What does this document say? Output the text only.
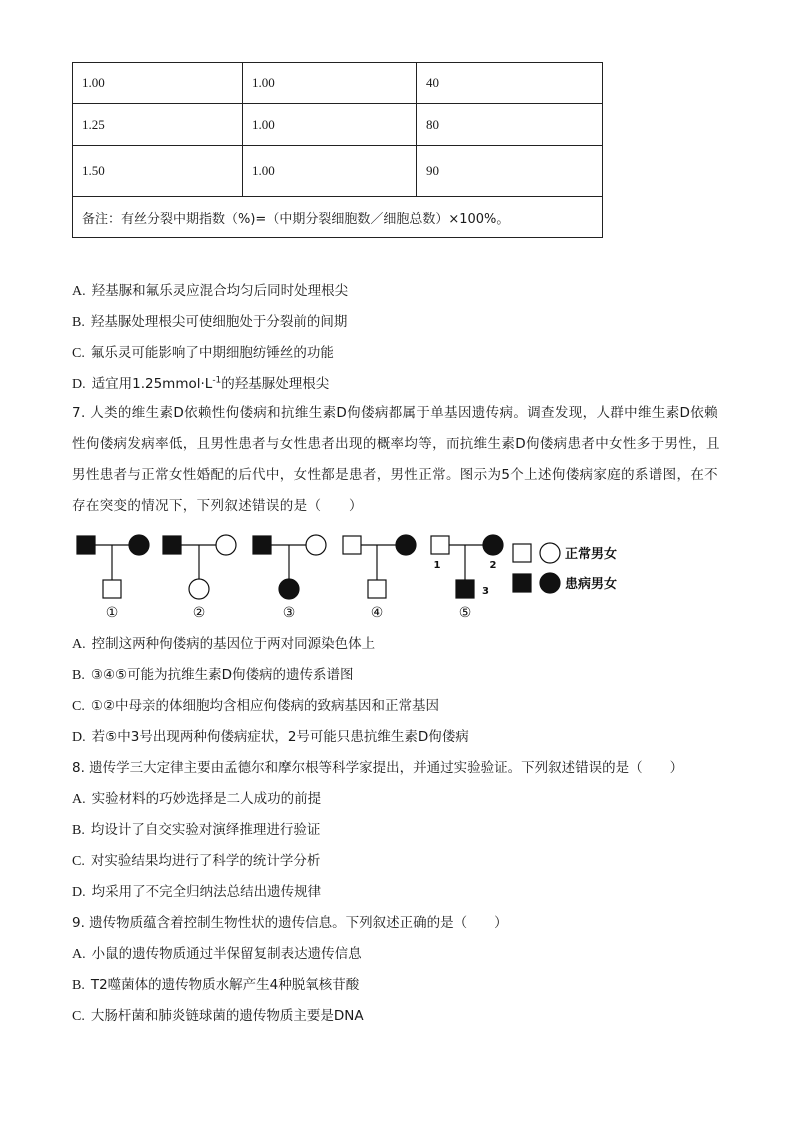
1.00	1.00	40
1.25	1.00	80
1.50	1.00	90
备注：有丝分裂中期指数（%)=（中期分裂细胞数／细胞总数）×100%。		
A. 羟基脲和氟乐灵应混合均匀后同时处理根尖
B. 羟基脲处理根尖可使细胞处于分裂前的间期
C. 氟乐灵可能影响了中期细胞纺锤丝的功能
D. 适宜用$1.25mmol\cdot L^{-1}$的羟基脲处理根尖
7. 人类的维生素D依赖性佝偻病和抗维生素D佝偻病都属于单基因遗传病。调查发现，人群中维生素D依赖性佝偻病发病率低，且男性患者与女性患者出现的概率均等，而抗维生素D佝偻病患者中女性多于男性，且男性患者与正常女性婚配的后代中，女性都是患者，男性正常。图示为5个上述佝偻病家庭的系谱图，在不存在突变的情况下，下列叙述错误的是（　　）
①	②	③	④	⑤
1	2
3
正常男女
患病男女
A. 控制这两种佝偻病的基因位于两对同源染色体上
B. ③④⑤可能为抗维生素D佝偻病的遗传系谱图
C. ①②中母亲的体细胞均含相应佝偻病的致病基因和正常基因
D. 若⑤中3号出现两种佝偻病症状，2号可能只患抗维生素D佝偻病
8. 遗传学三大定律主要由孟德尔和摩尔根等科学家提出，并通过实验验证。下列叙述错误的是（　　）
A. 实验材料的巧妙选择是二人成功的前提
B. 均设计了自交实验对演绎推理进行验证
C. 对实验结果均进行了科学的统计学分析
D. 均采用了不完全归纳法总结出遗传规律
9. 遗传物质蕴含着控制生物性状的遗传信息。下列叙述正确的是（　　）
A. 小鼠的遗传物质通过半保留复制表达遗传信息
B. T2噬菌体的遗传物质水解产生4种脱氧核苷酸
C. 大肠杆菌和肺炎链球菌的遗传物质主要是DNA
